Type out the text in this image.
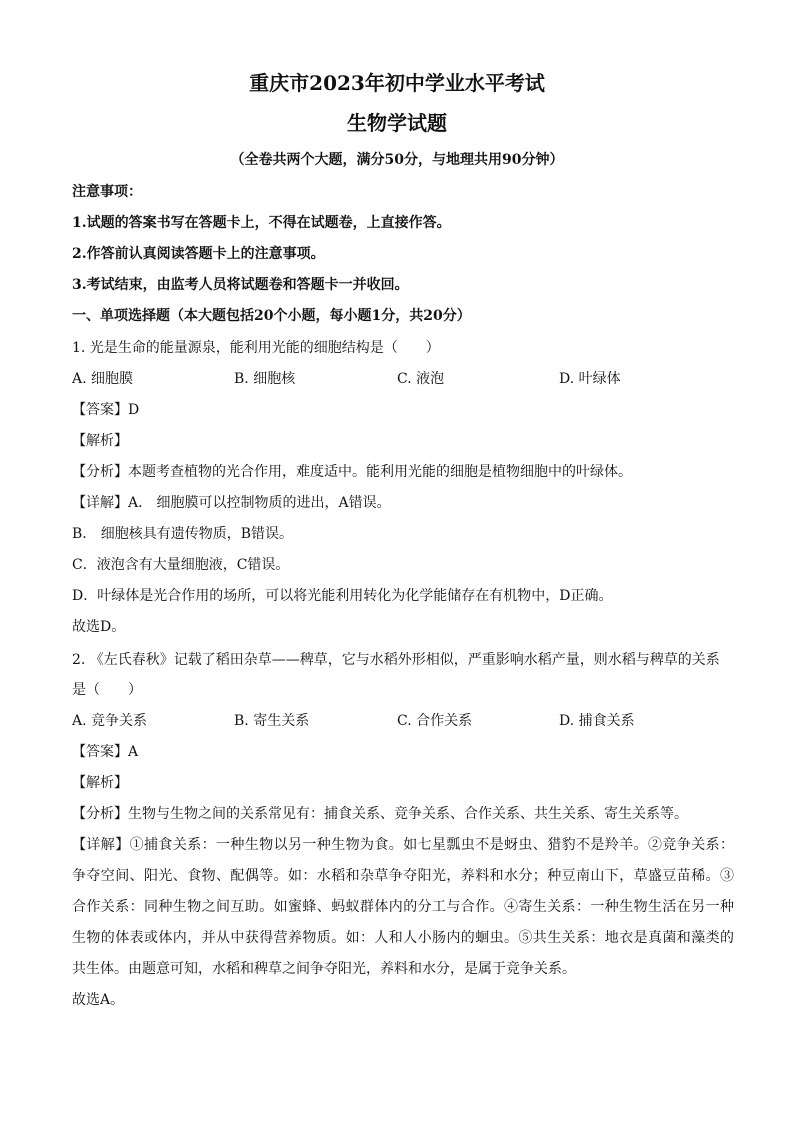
重庆市2023年初中学业水平考试
生物学试题
（全卷共两个大题，满分50分，与地理共用90分钟）
注意事项：
1.试题的答案书写在答题卡上，不得在试题卷，上直接作答。
2.作答前认真阅读答题卡上的注意事项。
3.考试结束，由监考人员将试题卷和答题卡一并收回。
一、单项选择题（本大题包括20个小题，每小题1分，共20分）
1. 光是生命的能量源泉，能利用光能的细胞结构是（　　）
A. 细胞膜	B. 细胞核	C. 液泡	D. 叶绿体
【答案】D
【解析】
【分析】本题考查植物的光合作用，难度适中。能利用光能的细胞是植物细胞中的叶绿体。
【详解】A． 细胞膜可以控制物质的进出，A错误。
B． 细胞核具有遗传物质，B错误。
C．液泡含有大量细胞液，C错误。
D．叶绿体是光合作用的场所，可以将光能利用转化为化学能储存在有机物中，D正确。
故选D。
2. 《左氏春秋》记载了稻田杂草——稗草，它与水稻外形相似，严重影响水稻产量，则水稻与稗草的关系
是（　　）
A. 竞争关系	B. 寄生关系	C. 合作关系	D. 捕食关系
【答案】A
【解析】
【分析】生物与生物之间的关系常见有：捕食关系、竞争关系、合作关系、共生关系、寄生关系等。
【详解】①捕食关系：一种生物以另一种生物为食。如七星瓢虫不是蚜虫、猎豹不是羚羊。②竞争关系：
争夺空间、阳光、食物、配偶等。如：水稻和杂草争夺阳光，养料和水分；种豆南山下，草盛豆苗稀。③
合作关系：同种生物之间互助。如蜜蜂、蚂蚁群体内的分工与合作。④寄生关系：一种生物生活在另一种
生物的体表或体内，并从中获得营养物质。如：人和人小肠内的蛔虫。⑤共生关系：地衣是真菌和藻类的
共生体。由题意可知，水稻和稗草之间争夺阳光，养料和水分，是属于竞争关系。
故选A。
